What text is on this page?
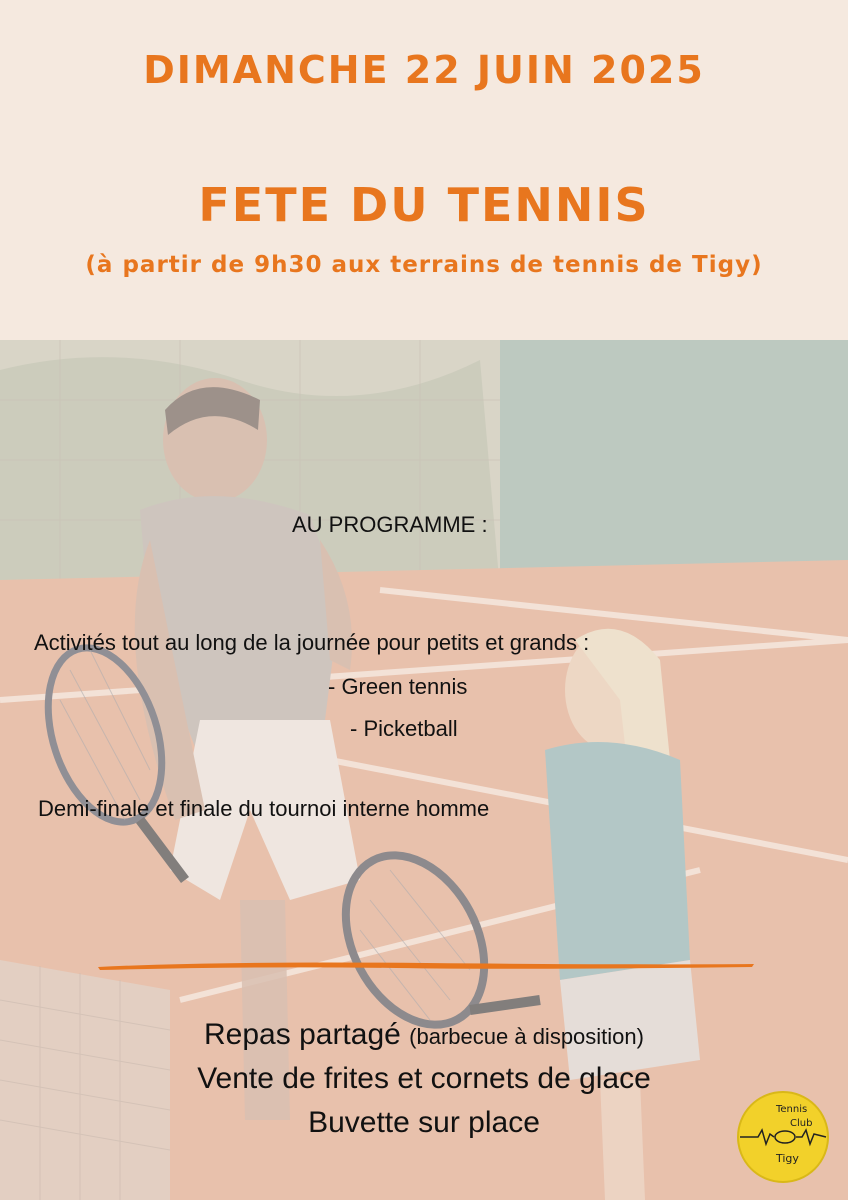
DIMANCHE 22 JUIN 2025
FETE DU TENNIS
(à partir de 9h30 aux terrains de tennis de Tigy)
AU PROGRAMME :
Activités tout au long de la journée pour petits et grands :
- Green tennis
- Picketball
Demi-finale et finale du tournoi interne homme
Repas partagé (barbecue à disposition)
Vente de frites et cornets de glace
Buvette sur place	Tennis
Club
Tigy
